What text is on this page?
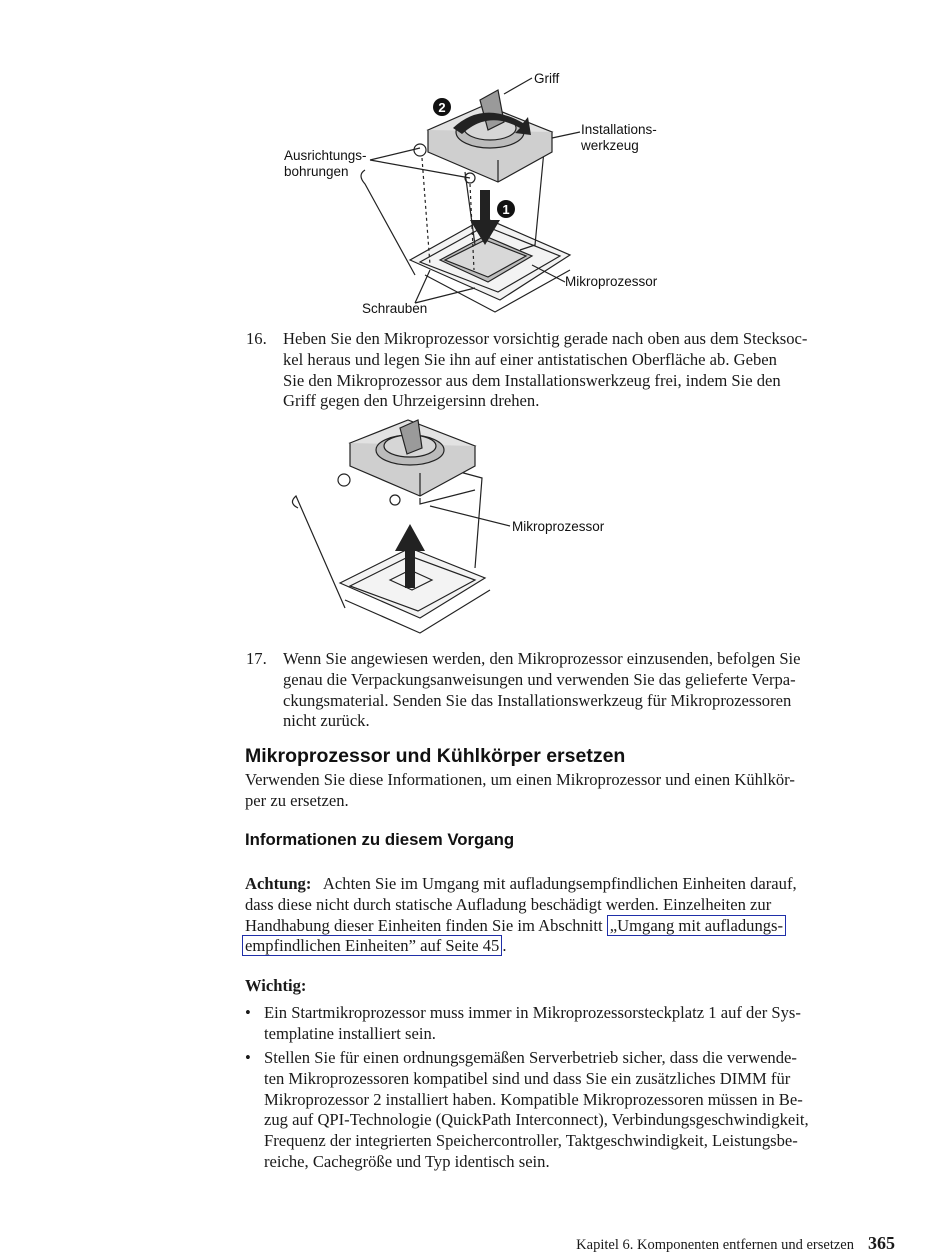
2
1
Griff
Installations-
werkzeug
Ausrichtungs-
bohrungen
Mikroprozessor
Schrauben
16. Heben Sie den Mikroprozessor vorsichtig gerade nach oben aus dem Stecksoc-
kel heraus und legen Sie ihn auf einer antistatischen Oberfläche ab. Geben
Sie den Mikroprozessor aus dem Installationswerkzeug frei, indem Sie den
Griff gegen den Uhrzeigersinn drehen.
Mikroprozessor
17. Wenn Sie angewiesen werden, den Mikroprozessor einzusenden, befolgen Sie
genau die Verpackungsanweisungen und verwenden Sie das gelieferte Verpa-
ckungsmaterial. Senden Sie das Installationswerkzeug für Mikroprozessoren
nicht zurück.
Mikroprozessor und Kühlkörper ersetzen
Verwenden Sie diese Informationen, um einen Mikroprozessor und einen Kühlkör-
per zu ersetzen.
Informationen zu diesem Vorgang
Achtung: Achten Sie im Umgang mit aufladungsempfindlichen Einheiten darauf,
dass diese nicht durch statische Aufladung beschädigt werden. Einzelheiten zur
Handhabung dieser Einheiten finden Sie im Abschnitt „Umgang mit aufladungs-
empfindlichen Einheiten” auf Seite 45 .
Wichtig:
• Ein Startmikroprozessor muss immer in Mikroprozessorsteckplatz 1 auf der Sys-
templatine installiert sein.
• Stellen Sie für einen ordnungsgemäßen Serverbetrieb sicher, dass die verwende-
ten Mikroprozessoren kompatibel sind und dass Sie ein zusätzliches DIMM für
Mikroprozessor 2 installiert haben. Kompatible Mikroprozessoren müssen in Be-
zug auf QPI-Technologie (QuickPath Interconnect), Verbindungsgeschwindigkeit,
Frequenz der integrierten Speichercontroller, Taktgeschwindigkeit, Leistungsbe-
reiche, Cachegröße und Typ identisch sein.
Kapitel 6. Komponenten entfernen und ersetzen 365
